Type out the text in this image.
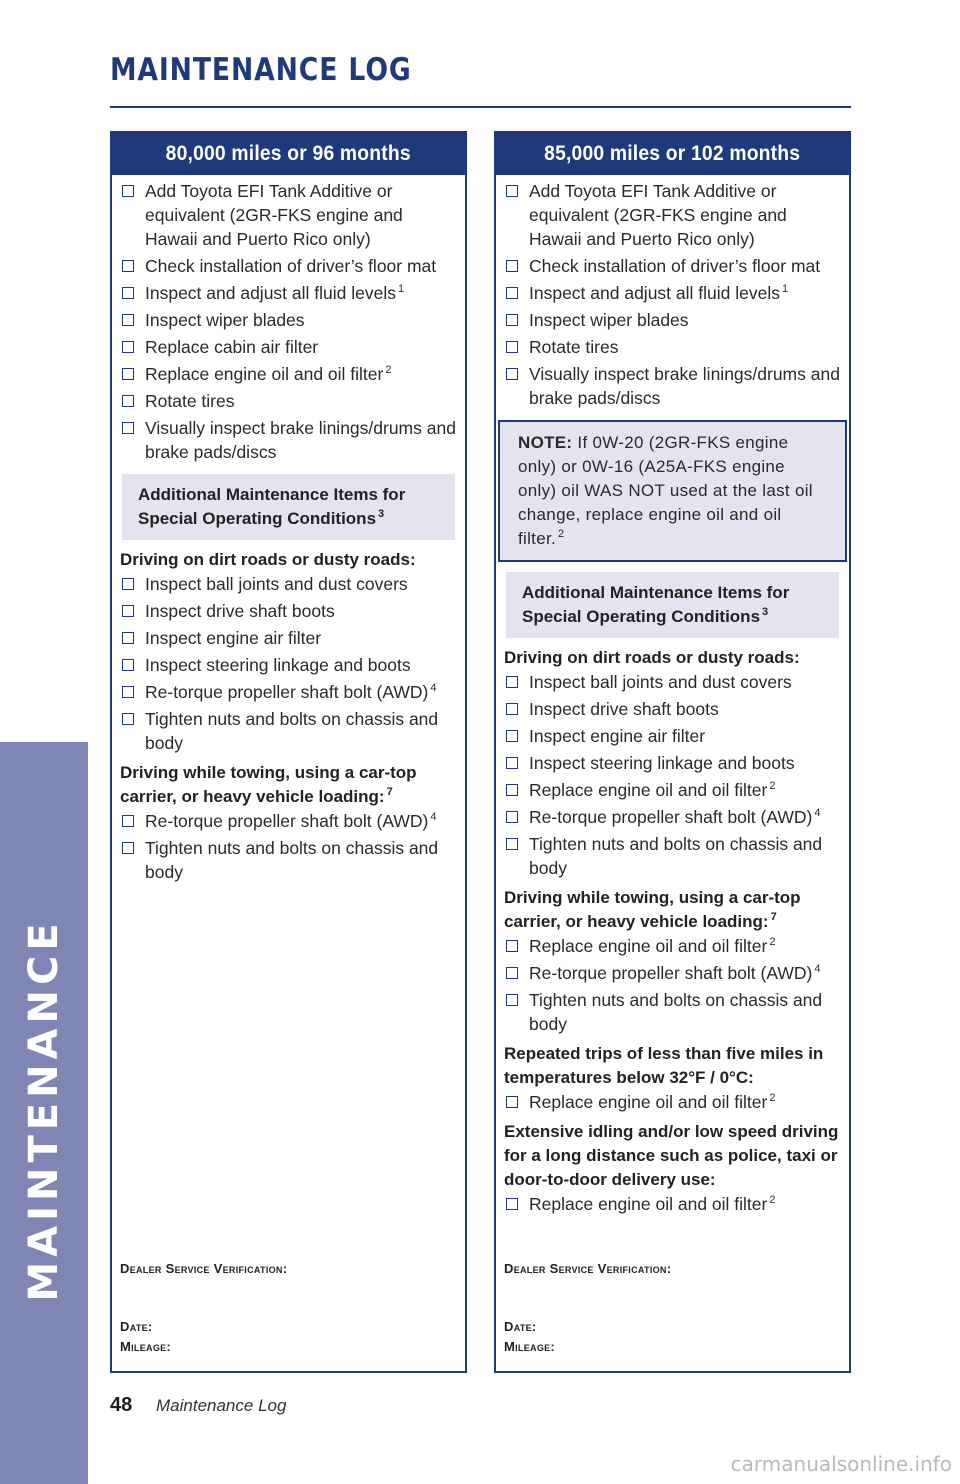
MAINTENANCE
MAINTENANCE LOG
80,000 miles or 96 months
Add Toyota EFI Tank Additive or equivalent (2GR-FKS engine and Hawaii and Puerto Rico only)
Check installation of driver’s floor mat
Inspect and adjust all fluid levels $^1$
Inspect wiper blades
Replace cabin air filter
Replace engine oil and oil filter $^2$
Rotate tires
Visually inspect brake linings/drums and brake pads/discs
Additional Maintenance Items for Special Operating Conditions $^3$
Driving on dirt roads or dusty roads:
Inspect ball joints and dust covers
Inspect drive shaft boots
Inspect engine air filter
Inspect steering linkage and boots
Re-torque propeller shaft bolt (AWD) $^4$
Tighten nuts and bolts on chassis and body
Driving while towing, using a car-top carrier, or heavy vehicle loading: $^7$
Re-torque propeller shaft bolt (AWD) $^4$
Tighten nuts and bolts on chassis and body
Dealer Service Verification:
Date:
Mileage:
85,000 miles or 102 months
Add Toyota EFI Tank Additive or equivalent (2GR-FKS engine and Hawaii and Puerto Rico only)
Check installation of driver’s floor mat
Inspect and adjust all fluid levels $^1$
Inspect wiper blades
Rotate tires
Visually inspect brake linings/drums and brake pads/discs
NOTE: If 0W-20 (2GR-FKS engine only) or 0W-16 (A25A-FKS engine only) oil WAS NOT used at the last oil change, replace engine oil and oil filter. $^2$
Additional Maintenance Items for Special Operating Conditions $^3$
Driving on dirt roads or dusty roads:
Inspect ball joints and dust covers
Inspect drive shaft boots
Inspect engine air filter
Inspect steering linkage and boots
Replace engine oil and oil filter $^2$
Re-torque propeller shaft bolt (AWD) $^4$
Tighten nuts and bolts on chassis and body
Driving while towing, using a car-top carrier, or heavy vehicle loading: $^7$
Replace engine oil and oil filter $^2$
Re-torque propeller shaft bolt (AWD) $^4$
Tighten nuts and bolts on chassis and body
Repeated trips of less than five miles in temperatures below 32°F / 0°C:
Replace engine oil and oil filter $^2$
Extensive idling and/or low speed driving for a long distance such as police, taxi or door-to-door delivery use:
Replace engine oil and oil filter $^2$
Dealer Service Verification:
Date:
Mileage:
48 Maintenance Log
carmanualsonline.info
